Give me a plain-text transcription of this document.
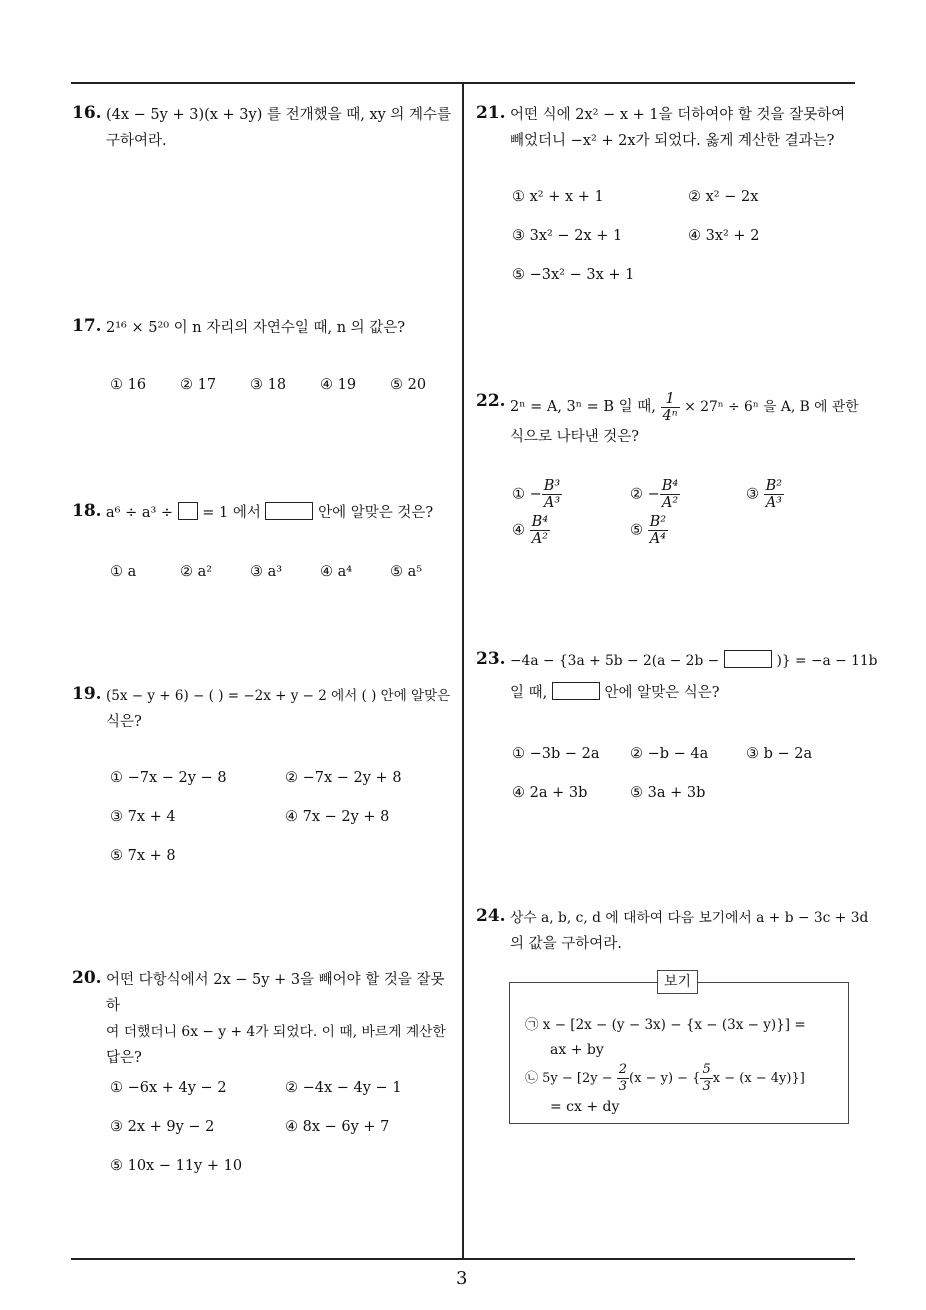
3
16. (4x − 5y + 3)(x + 3y) 를 전개했을 때, xy 의 계수를
구하여라.
17. 2¹⁶ × 5²⁰ 이 n 자리의 자연수일 때, n 의 값은?
① 16 ② 17 ③ 18 ④ 19 ⑤ 20
18. a⁶ ÷ a³ ÷ = 1 에서	안에 알맞은 것은?
① a	② a²	③ a³	④ a⁴	⑤ a⁵
19. (5x − y + 6) − ( ) = −2x + y − 2 에서 ( ) 안에 알맞은
식은?
① −7x − 2y − 8	② −7x − 2y + 8
③ 7x + 4	④ 7x − 2y + 8
⑤ 7x + 8
20. 어떤 다항식에서 2x − 5y + 3을 빼어야 할 것을 잘못하
여 더했더니 6x − y + 4가 되었다. 이 때, 바르게 계산한
답은?
① −6x + 4y − 2	② −4x − 4y − 1
③ 2x + 9y − 2	④ 8x − 6y + 7
⑤ 10x − 11y + 10
21. 어떤 식에 2x² − x + 1을 더하여야 할 것을 잘못하여
빼었더니 −x² + 2x가 되었다. 옳게 계산한 결과는?
① x² + x + 1	② x² − 2x
③ 3x² − 2x + 1	④ 3x² + 2
⑤ −3x² − 3x + 1
22. 2ⁿ = A, 3ⁿ = B 일 때, $\frac{1}{\text{4ⁿ}} \times 27^n \div 6^n$ 을 A, B 에 관한
식으로 나타낸 것은?
① − $\frac{\text{B³}}{\text{A³}}$	② − $\frac{\text{B⁴}}{\text{A²}}$	③ $\frac{\text{B²}}{\text{A³}}$
④ $\frac{\text{B⁴}}{\text{A²}}$	⑤ $\frac{\text{B²}}{\text{A⁴}}$
23. −4a − {3a + 5b − 2(a − 2b −	)} = −a − 11b
일 때,	안에 알맞은 식은?
① −3b − 2a ② −b − 4a	③ b − 2a
④ 2a + 3b	⑤ 3a + 3b
24. 상수 a, b, c, d 에 대하여 다음 보기에서 a + b − 3c + 3d
의 값을 구하여라.
보기
㉠ x − [2x − (y − 3x) − {x − (3x − y)}] =
ax + by
㉡ $5y - [2y - \frac{2}{3} (x - y)$ − { $\frac{5}{3}$ x − (x − 4y)}]
= cx + dy
